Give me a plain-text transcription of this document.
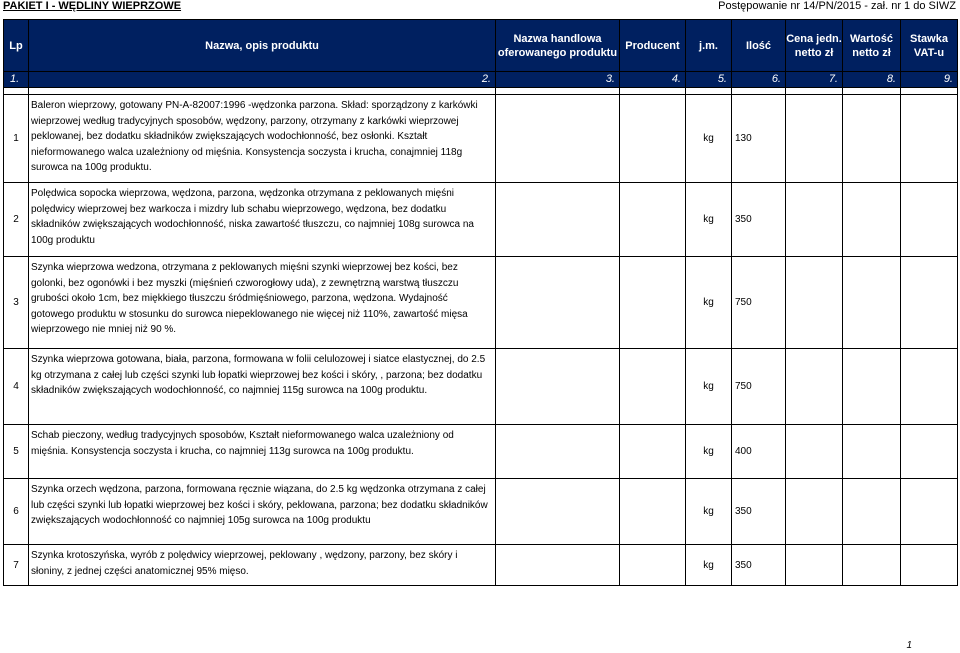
PAKIET I - WĘDLINY WIEPRZOWE	Postępowanie nr 14/PN/2015 - zał. nr 1 do SIWZ
Lp	Nazwa, opis produktu	Nazwa handlowa oferowanego produktu	Producent	j.m.	Ilość	Cena jedn. netto zł	Wartość netto zł	Stawka VAT-u
1.	2.	3.	4.	5.	6.	7.	8.	9.

1	Baleron wieprzowy, gotowany PN-A-82007:1996 -wędzonka parzona. Skład: sporządzony z karkówki wieprzowej według tradycyjnych sposobów, wędzony, parzony, otrzymany z karkówki wieprzowej peklowanej, bez dodatku składników zwiększających wodochłonność, bez osłonki. Kształt nieformowanego walca uzależniony od mięśnia. Konsystencja soczysta i krucha, conajmniej 118g surowca na 100g produktu.			kg	130			
2	Polędwica sopocka wieprzowa, wędzona, parzona, wędzonka otrzymana z peklowanych mięśni polędwicy wieprzowej bez warkocza i mizdry lub schabu wieprzowego, wędzona, bez dodatku składników zwiększających wodochłonność, niska zawartość tłuszczu, co najmniej 108g surowca na 100g produktu			kg	350			
3	Szynka wieprzowa wedzona, otrzymana z peklowanych mięśni szynki wieprzowej bez kości, bez golonki, bez ogonówki i bez myszki (mięśnień czworogłowy uda), z zewnętrzną warstwą tłuszczu grubości około 1cm, bez miękkiego tłuszczu śródmięśniowego, parzona, wędzona. Wydajność gotowego produktu w stosunku do surowca niepeklowanego nie więcej niż 110%, zawartość mięsa wieprzowego nie mniej niż 90 %.			kg	750			
4	Szynka wieprzowa gotowana, biała, parzona, formowana w folii celulozowej i siatce elastycznej, do 2.5 kg otrzymana z całej lub części szynki lub łopatki wieprzowej bez kości i skóry, , parzona; bez dodatku składników zwiększających wodochłonność, co najmniej 115g surowca na 100g produktu.			kg	750			
5	Schab pieczony, według tradycyjnych sposobów, Kształt nieformowanego walca uzależniony od mięśnia. Konsystencja soczysta i krucha, co najmniej 113g surowca na 100g produktu.			kg	400			
6	Szynka orzech wędzona, parzona, formowana ręcznie wiązana, do 2.5 kg wędzonka otrzymana z całej lub części szynki lub łopatki wieprzowej bez kości i skóry, peklowana, parzona; bez dodatku składników zwiększających wodochłonność co najmniej 105g surowca na 100g produktu			kg	350			
7	Szynka krotoszyńska, wyrób z polędwicy wieprzowej, peklowany , wędzony, parzony, bez skóry i słoniny, z jednej części anatomicznej 95% mięso.			kg	350			
1
